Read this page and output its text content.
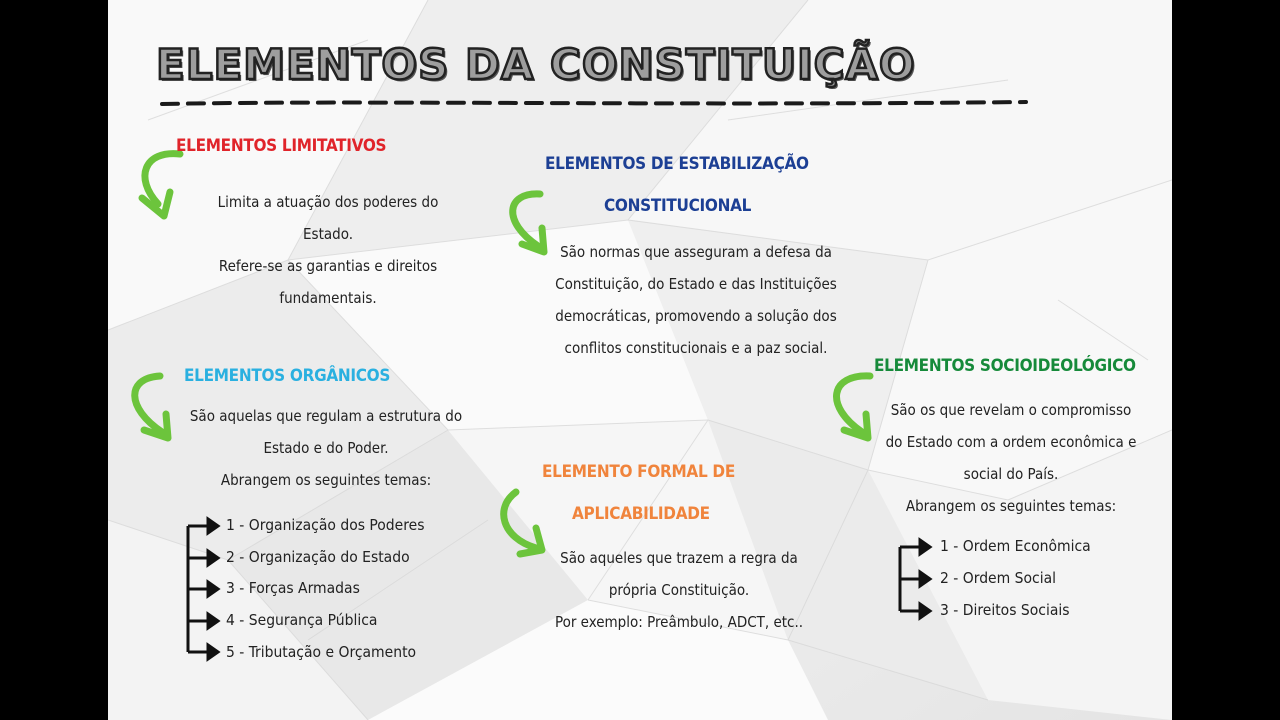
ELEMENTOS DA CONSTITUIÇÃO
ELEMENTOS LIMITATIVOS
Limita a atuação dos poderes do
Estado.
Refere-se as garantias e direitos
fundamentais.
ELEMENTOS DE ESTABILIZAÇÃO
CONSTITUCIONAL
São normas que asseguram a defesa da
Constituição, do Estado e das Instituições
democráticas, promovendo a solução dos
conflitos constitucionais e a paz social.
ELEMENTOS ORGÂNICOS
São aquelas que regulam a estrutura do
Estado e do Poder.
Abrangem os seguintes temas:
1 - Organização dos Poderes
2 - Organização do Estado
3 - Forças Armadas
4 - Segurança Pública
5 - Tributação e Orçamento
ELEMENTO FORMAL DE
APLICABILIDADE
São aqueles que trazem a regra da
própria Constituição.
Por exemplo: Preâmbulo, ADCT, etc..
ELEMENTOS SOCIOIDEOLÓGICO
São os que revelam o compromisso
do Estado com a ordem econômica e
social do País.
Abrangem os seguintes temas:
1 - Ordem Econômica
2 - Ordem Social
3 - Direitos Sociais
